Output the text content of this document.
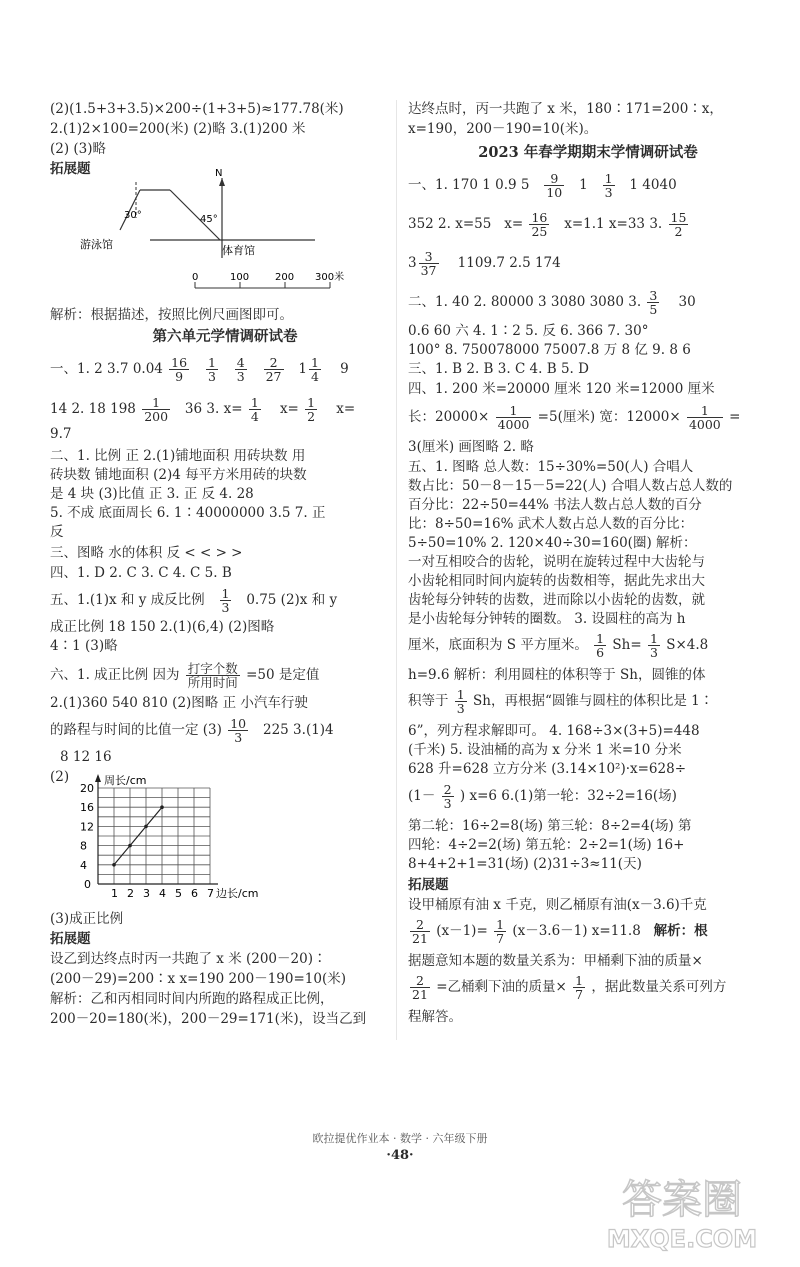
(2)(1.5+3+3.5)×200÷(1+3+5)≈177.78(米)
2.(1)2×100=200(米) (2)略 3.(1)200 米
(2) (3)略
拓展题
30°
N
45°
游泳馆	体育馆
0	100	200 300米
解析：根据描述，按照比例尺画图即可。
第六单元学情调研试卷
一、1. 2 3.7 $0.04 \frac{16}{9}$
$\frac{1}{3}$
$\frac{4}{3}$
$\frac{2}{27}$
$1 \frac{1}{4} 9$
14 2. 18 $198 \frac{1}{200} 36$ 3. $x= \frac{1}{4} x= \frac{1}{2} x=$
9.7
二、1. 比例 正 2.(1)铺地面积 用砖块数 用
砖块数 铺地面积 (2)4 每平方米用砖的块数
是 4 块 (3)比值 正 3. 正 反 4. 28
5. 不成 底面周长 6. 1∶40000000 3.5 7. 正
反
三、图略 水的体积 反 < < > >
四、1. D 2. C 3. C 4. C 5. B
五、1.(1)x 和 y 成反比例 $\frac{1}{3} 0.75$ (2)x 和 y
成正比例 18 150 2.(1)(6,4) (2)图略
4∶1 (3)略
六、1. 成正比例 因为 $\frac{\text{打字个数}}{\text{所用时间}} =50$ 是定值
2.(1)360 540 810 (2)图略 正 小汽车行驶
的路程与时间的比值一定 $(3) \frac{10}{3} 225$ 3.(1)4
8 12 16
(2)
1 2 3 4 5 6 7
4
8
12
16
20
0
边长/cm
周长/cm
(3)成正比例
拓展题
设乙到达终点时丙一共跑了 x 米 (200－20)∶
(200－29)=200∶x x=190 200－190=10(米)
解析：乙和丙相同时间内所跑的路程成正比例，
200－20=180(米)，200－29=171(米)，设当乙到
达终点时，丙一共跑了 x 米，180∶171=200∶x，
x=190，200－190=10(米)。
2023 年春学期期末学情调研试卷
一、1. 170 1 0.9 $5 \frac{9}{10} 1 \frac{1}{3} 1$ 4040
352 2. x=55 $x= \frac{16}{25} x=1.1$ x=33 3. $\frac{15}{2}$
$3 \frac{3}{37} 1109.7$ 2.5 174
二、1. 40 2. 80000 3 3080 3080 3. $\frac{3}{5} 30$
0.6 60 六 4. 1∶2 5. 反 6. 366 7. 30°
100° 8. 750078000 75007.8 万 8 亿 9. 8 6
三、1. B 2. B 3. C 4. B 5. D
四、1. 200 米=20000 厘米 120 米=12000 厘米
长：$20000\times \frac{1}{4000} =5$(厘米) 宽：$12000\times \frac{1}{4000}$ =
3(厘米) 画图略 2. 略
五、1. 图略 总人数：15÷30%=50(人) 合唱人
数占比：50－8－15－5=22(人) 合唱人数占总人数的
百分比：22÷50=44% 书法人数占总人数的百分
比：8÷50=16% 武术人数占总人数的百分比：
5÷50=10% 2. 120×40÷30=160(圈) 解析：
一对互相咬合的齿轮，说明在旋转过程中大齿轮与
小齿轮相同时间内旋转的齿数相等，据此先求出大
齿轮每分钟转的齿数，进而除以小齿轮的齿数，就
是小齿轮每分钟转的圈数。 3. 设圆柱的高为 h
厘米，底面积为 S 平方厘米。 $\frac{1}{6} Sh= \frac{1}{3} S\times 4.8$
h=9.6 解析：利用圆柱的体积等于 Sh，圆锥的体
积等于 $\frac{1}{3}$ Sh，再根据“圆锥与圆柱的体积比是 1∶
6”，列方程求解即可。 4. 168÷3×(3+5)=448
(千米) 5. 设油桶的高为 x 分米 1 米=10 分米
628 升=628 立方分米 (3.14×10²)·x=628÷
($1- \frac{2}{3}$ ) x=6 6.(1)第一轮：32÷2=16(场)
第二轮：16÷2=8(场) 第三轮：8÷2=4(场) 第
四轮：4÷2=2(场) 第五轮：2÷2=1(场) 16+
8+4+2+1=31(场) (2)31÷3≈11(天)
拓展题
设甲桶原有油 x 千克，则乙桶原有油(x－3.6)千克
$\frac{2}{21} (x-1)= \frac{1}{7} (x-3.6-1)$ x=11.8 解析：根
据题意知本题的数量关系为：甲桶剩下油的质量×
$\frac{2}{21}$ =乙桶剩下油的质量× $\frac{1}{7}$ ，据此数量关系可列方
程解答。
欧拉提优作业本 · 数学 · 六年级下册
·48·
答案圈
MXQE.COM
